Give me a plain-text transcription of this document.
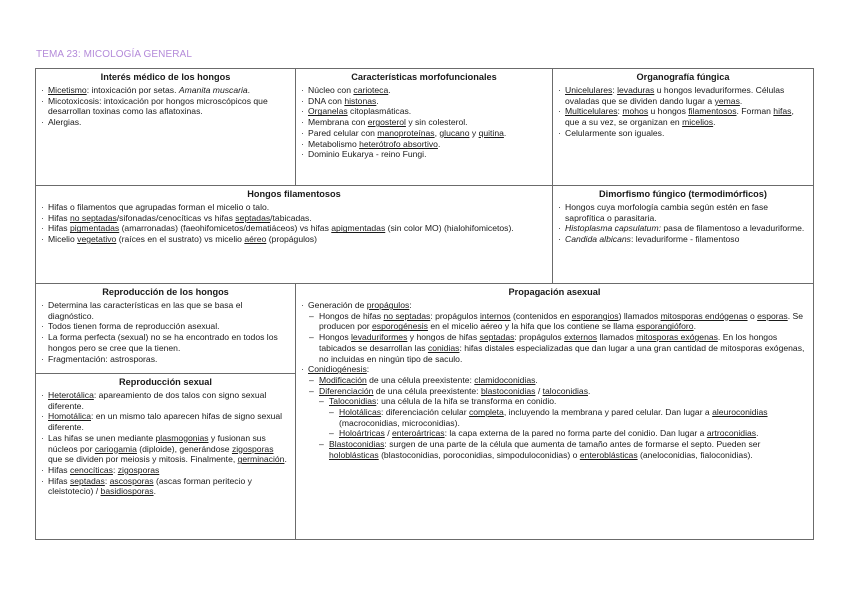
TEMA 23: MICOLOGÍA GENERAL
Interés médico de los hongos
· Micetismo: intoxicación por setas. Amanita muscaria.
· Micotoxicosis: intoxicación por hongos microscópicos que desarrollan toxinas como las aflatoxinas.
· Alergias.
Características morfofuncionales
· Núcleo con carioteca.
· DNA con histonas.
· Organelas citoplasmáticas.
· Membrana con ergosterol y sin colesterol.
· Pared celular con manoproteínas, glucano y quitina.
· Metabolismo heterótrofo absortivo.
· Dominio Eukarya - reino Fungi.
Organografía fúngica
· Unicelulares: levaduras u hongos levaduriformes. Células ovaladas que se dividen dando lugar a yemas.
· Multicelulares: mohos u hongos filamentosos. Forman hifas, que a su vez, se organizan en micelios.
· Celularmente son iguales.
Hongos filamentosos
· Hifas o filamentos que agrupadas forman el micelio o talo.
· Hifas no septadas/sifonadas/cenocíticas vs hifas septadas/tabicadas.
· Hifas pigmentadas (amarronadas) (faeohifomicetos/dematiáceos) vs hifas apigmentadas (sin color MO) (hialohifomicetos).
· Micelio vegetativo (raíces en el sustrato) vs micelio aéreo (propágulos)
Dimorfismo fúngico (termodimórficos)
· Hongos cuya morfología cambia según estén en fase saprofítica o parasitaria.
· Histoplasma capsulatum: pasa de filamentoso a levaduriforme.
· Candida albicans: levaduriforme - filamentoso
Reproducción de los hongos
· Determina las características en las que se basa el diagnóstico.
· Todos tienen forma de reproducción asexual.
· La forma perfecta (sexual) no se ha encontrado en todos los hongos pero se cree que la tienen.
· Fragmentación: astrosporas.
Reproducción sexual
· Heterotálica: apareamiento de dos talos con signo sexual diferente.
· Homotálica: en un mismo talo aparecen hifas de signo sexual diferente.
· Las hifas se unen mediante plasmogonias y fusionan sus núcleos por cariogamia (diploide), generándose zigosporas que se dividen por meiosis y mitosis. Finalmente, germinación.
· Hifas cenocíticas: zigosporas
· Hifas septadas: ascosporas (ascas forman peritecio y cleistotecio) / basidiosporas.
Propagación asexual
· Generación de propágulos:
– Hongos de hifas no septadas: propágulos internos (contenidos en esporangios) llamados mitosporas endógenas o esporas. Se producen por esporogénesis en el micelio aéreo y la hifa que los contiene se llama esporangióforo.
– Hongos levaduriformes y hongos de hifas septadas: propágulos externos llamados mitosporas exógenas. En los hongos tabicados se desarrollan las conidias: hifas distales especializadas que dan lugar a una gran cantidad de mitosporas exógenas, no incluidas en ningún tipo de saculo.
· Conidiogénesis:
– Modificación de una célula preexistente: clamidoconidias.
– Diferenciación de una célula preexistente: blastoconidias / taloconidias.
– Taloconidias: una célula de la hifa se transforma en conidio.
– Holotálicas: diferenciación celular completa, incluyendo la membrana y pared celular. Dan lugar a aleuroconidias (macroconidias, microconidias).
– Holoártricas / enteroártricas: la capa externa de la pared no forma parte del conidio. Dan lugar a artroconidias.
– Blastoconidias: surgen de una parte de la célula que aumenta de tamaño antes de formarse el septo. Pueden ser holoblásticas (blastoconidias, poroconidias, simpoduloconidias) o enteroblásticas (aneloconidias, fialoconidias).
